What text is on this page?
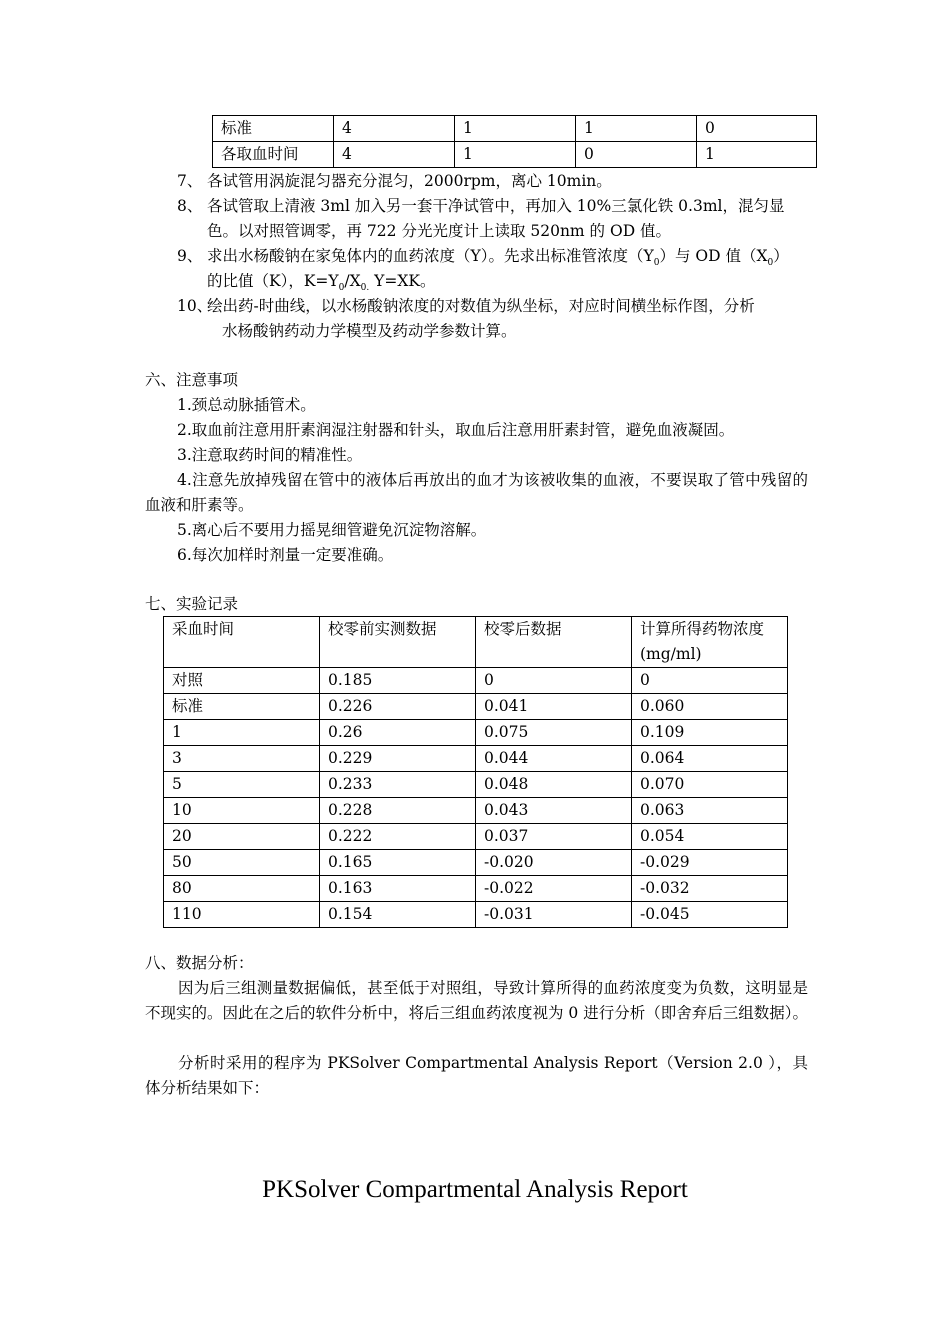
标准	4	1	1	0
各取血时间	4	1	0	1
7、 各试管用涡旋混匀器充分混匀，2000rpm，离心 10min。
8、 各试管取上清液 3ml 加入另一套干净试管中，再加入 10%三氯化铁 0.3ml，混匀显
色。以对照管调零，再 722 分光光度计上读取 520nm 的 OD 值。
9、 求出水杨酸钠在家兔体内的血药浓度（Y）。先求出标准管浓度$(Y_0)$与 OD 值$(X_0)$
的比值（K），$K=Y_0/X_{0.}$ Y=XK。
10、
绘出药-时曲线，以水杨酸钠浓度的对数值为纵坐标，对应时间横坐标作图，分析
水杨酸钠药动力学模型及药动学参数计算。
六、注意事项
1.颈总动脉插管术。
2.取血前注意用肝素润湿注射器和针头，取血后注意用肝素封管，避免血液凝固。
3.注意取药时间的精准性。
4.注意先放掉残留在管中的液体后再放出的血才为该被收集的血液，不要误取了管中残留的血液和肝素等。
5.离心后不要用力摇晃细管避免沉淀物溶解。
6.每次加样时剂量一定要准确。
七、实验记录
采血时间	校零前实测数据	校零后数据	计算所得药物浓度
(mg/ml)

对照	0.185	0	0
标准	0.226	0.041	0.060
1	0.26	0.075	0.109
3	0.229	0.044	0.064
5	0.233	0.048	0.070
10	0.228	0.043	0.063
20	0.222	0.037	0.054
50	0.165	-0.020	-0.029
80	0.163	-0.022	-0.032
110	0.154	-0.031	-0.045
八、数据分析：
因为后三组测量数据偏低，甚至低于对照组，导致计算所得的血药浓度变为负数，这明显是不现实的。因此在之后的软件分析中，将后三组血药浓度视为 0 进行分析（即舍弃后三组数据）。
分析时采用的程序为 PKSolver Compartmental Analysis Report（Version 2.0 ），具体分析结果如下：
PKSolver Compartmental Analysis Report
